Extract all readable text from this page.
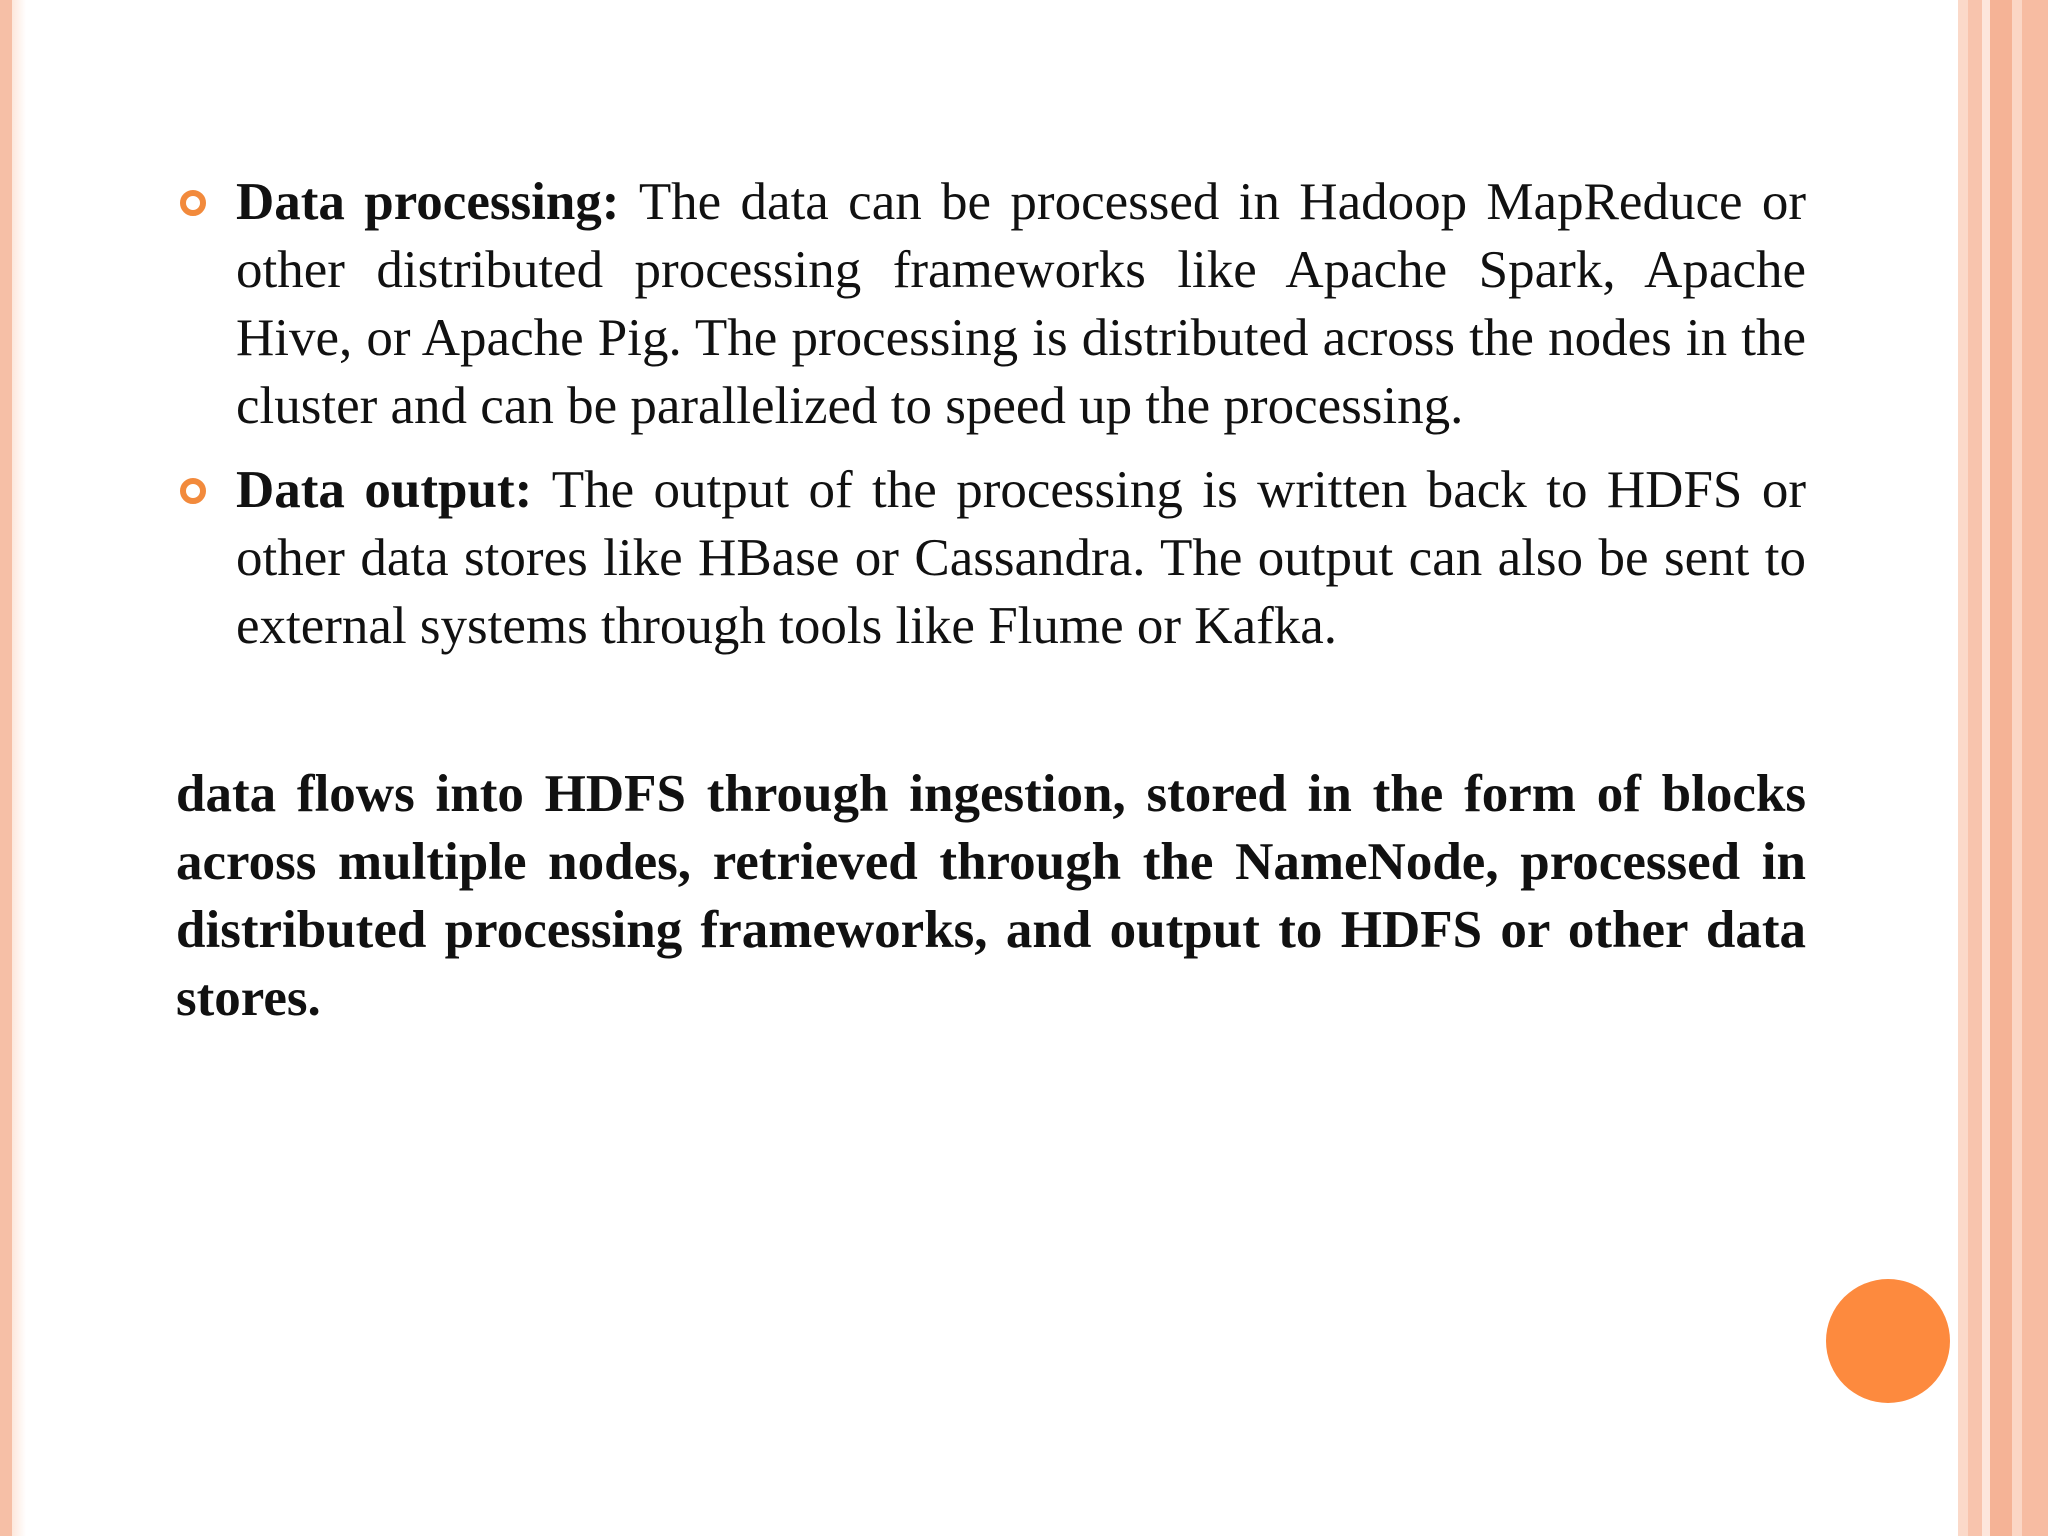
Data processing: The data can be processed in Hadoop MapReduce or other distributed processing frameworks like Apache Spark, Apache Hive, or Apache Pig. The processing is distributed across the nodes in the cluster and can be parallelized to speed up the processing.
Data output: The output of the processing is written back to HDFS or other data stores like HBase or Cassandra. The output can also be sent to external systems through tools like Flume or Kafka.

data flows into HDFS through ingestion, stored in the form of blocks across multiple nodes, retrieved through the NameNode, processed in distributed processing frameworks, and output to HDFS or other data stores.
